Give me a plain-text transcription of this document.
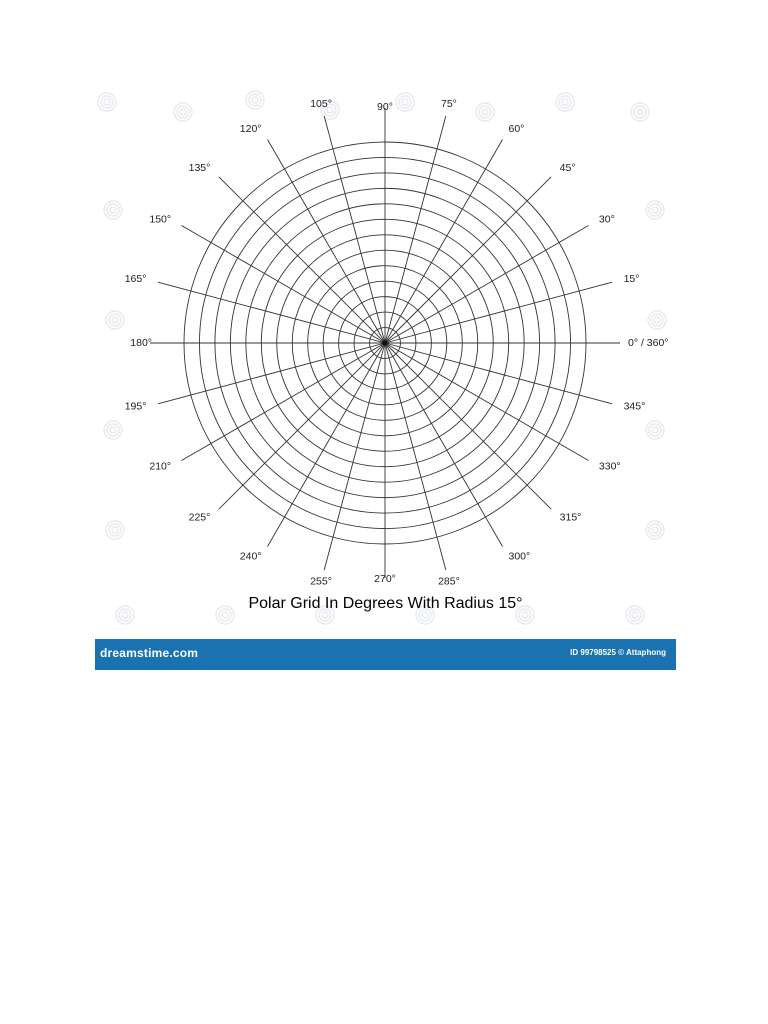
0° / 360°
15°
30°
45°
60°
75°
90°
105°
120°
135°
150°
165°
180°
195°
210°
225°
240°
255°	270°	285°
300°
315°
330°
345°
Polar Grid In Degrees With Radius 15°
dreamstime.com	ID 99798525 © Attaphong
